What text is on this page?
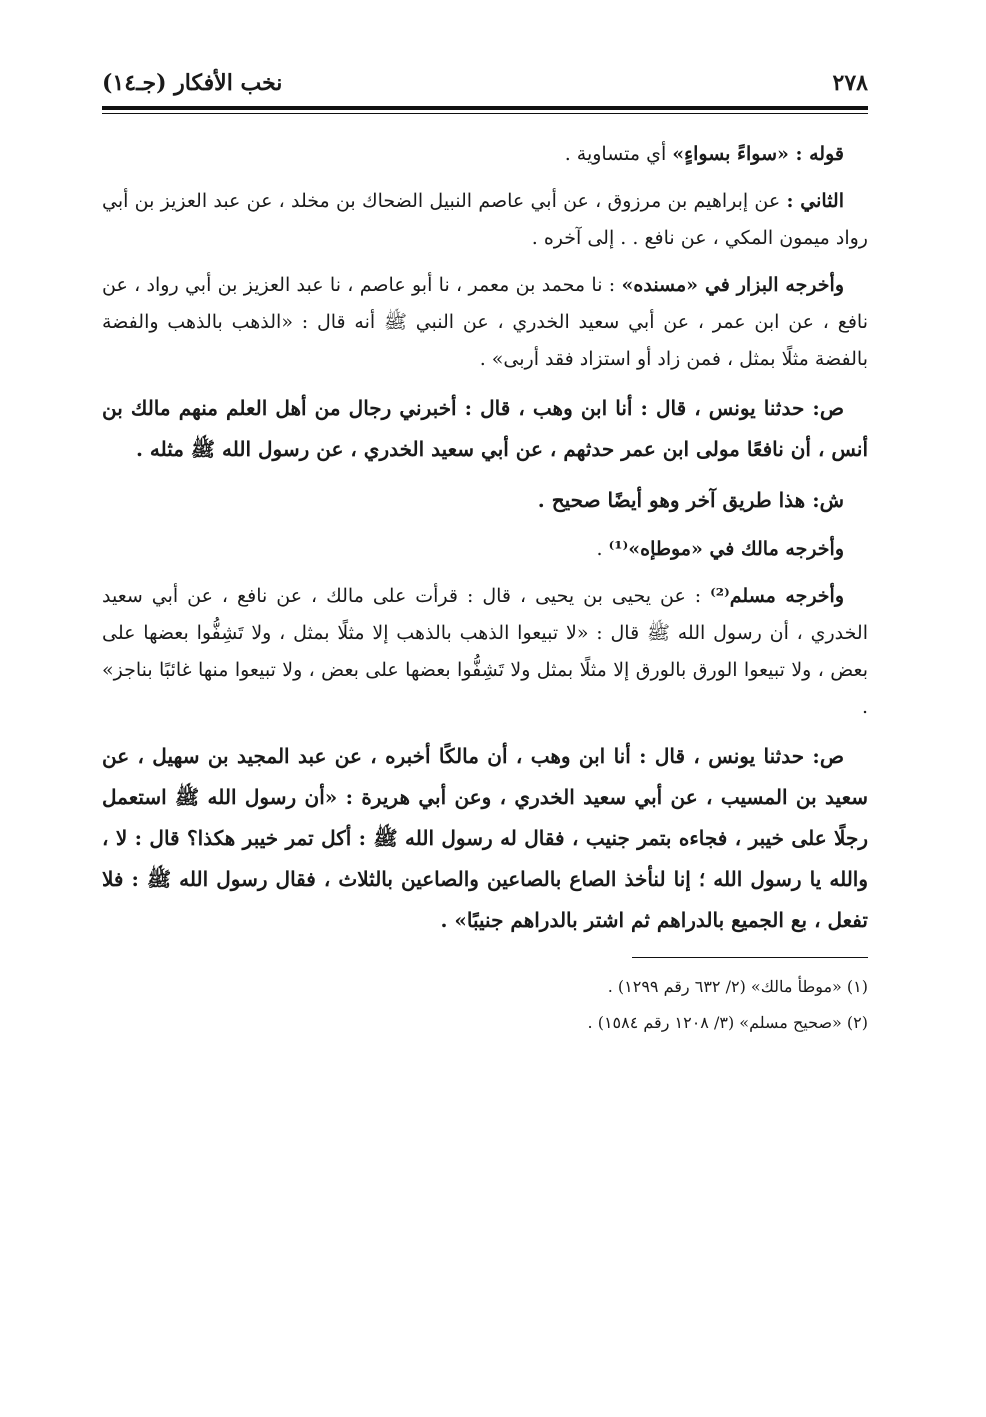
٢٧٨
نخب الأفكار (جـ١٤)

قوله : «سواءً بسواءٍ» أي متساوية .

الثاني : عن إبراهيم بن مرزوق ، عن أبي عاصم النبيل الضحاك بن مخلد ، عن عبد العزيز بن أبي رواد ميمون المكي ، عن نافع . . إلى آخره .

وأخرجه البزار في «مسنده» : نا محمد بن معمر ، نا أبو عاصم ، نا عبد العزيز بن أبي رواد ، عن نافع ، عن ابن عمر ، عن أبي سعيد الخدري ، عن النبي ﷺ أنه قال : «الذهب بالذهب والفضة بالفضة مثلًا بمثل ، فمن زاد أو استزاد فقد أربى» .

ص: حدثنا يونس ، قال : أنا ابن وهب ، قال : أخبرني رجال من أهل العلم منهم مالك بن أنس ، أن نافعًا مولى ابن عمر حدثهم ، عن أبي سعيد الخدري ، عن رسول الله ﷺ مثله .

ش: هذا طريق آخر وهو أيضًا صحيح .

وأخرجه مالك في «موطإه»⁽¹⁾ .

وأخرجه مسلم⁽²⁾ : عن يحيى بن يحيى ، قال : قرأت على مالك ، عن نافع ، عن أبي سعيد الخدري ، أن رسول الله ﷺ قال : «لا تبيعوا الذهب بالذهب إلا مثلًا بمثل ، ولا تَشِفُّوا بعضها على بعض ، ولا تبيعوا الورق بالورق إلا مثلًا بمثل ولا تَشِفُّوا بعضها على بعض ، ولا تبيعوا منها غائبًا بناجز» .

ص: حدثنا يونس ، قال : أنا ابن وهب ، أن مالكًا أخبره ، عن عبد المجيد بن سهيل ، عن سعيد بن المسيب ، عن أبي سعيد الخدري ، وعن أبي هريرة : «أن رسول الله ﷺ استعمل رجلًا على خيبر ، فجاءه بتمر جنيب ، فقال له رسول الله ﷺ : أكل تمر خيبر هكذا؟ قال : لا ، والله يا رسول الله ؛ إنا لنأخذ الصاع بالصاعين والصاعين بالثلاث ، فقال رسول الله ﷺ : فلا تفعل ، بع الجميع بالدراهم ثم اشتر بالدراهم جنيبًا» .

(١) «موطأ مالك» (٢/ ٦٣٢ رقم ١٢٩٩) .

(٢) «صحيح مسلم» (٣/ ١٢٠٨ رقم ١٥٨٤) .
